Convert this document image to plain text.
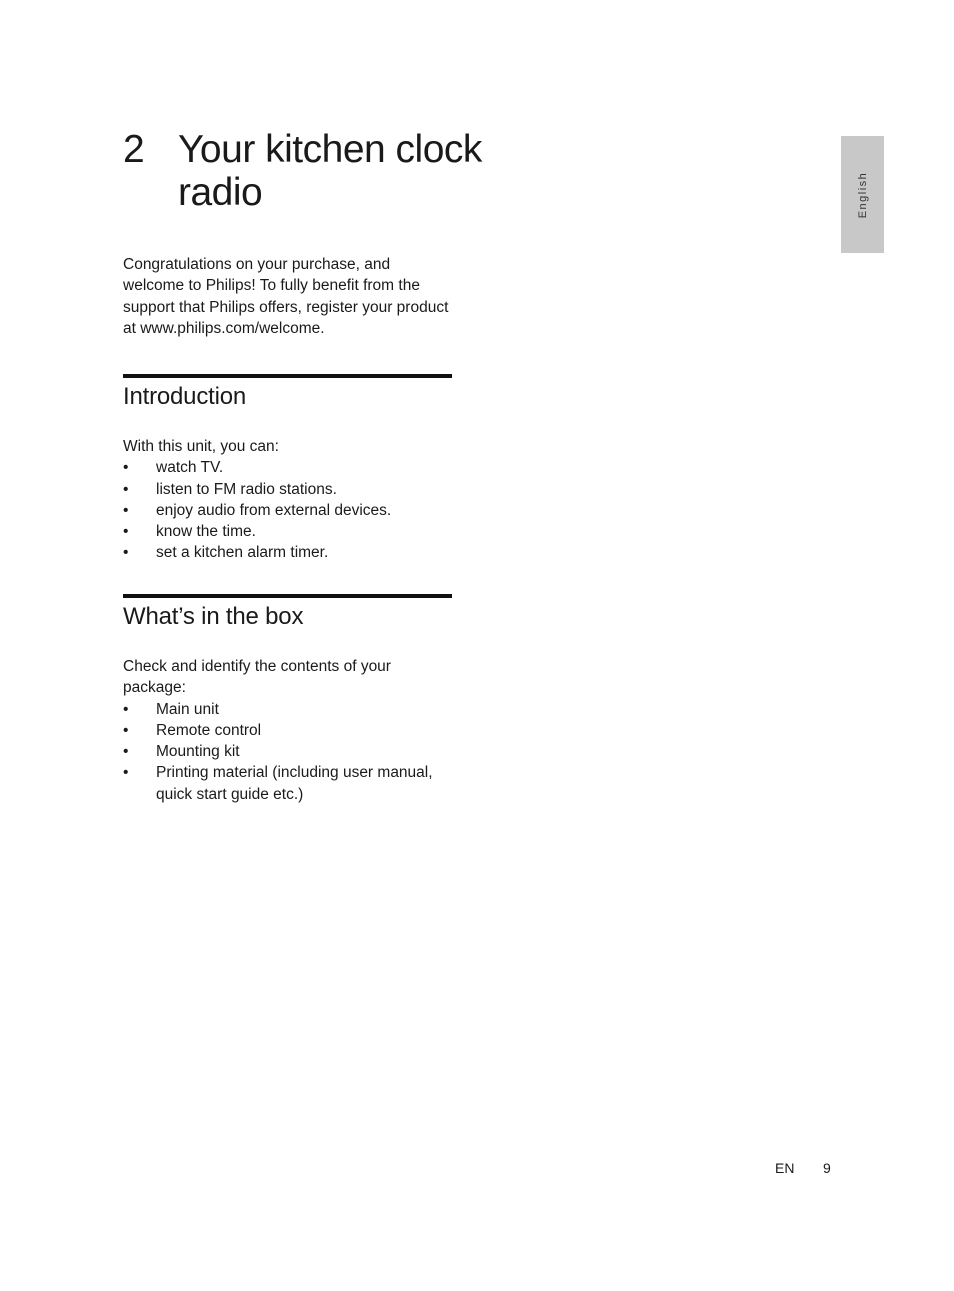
2 Your kitchen clock radio	English
Congratulations on your purchase, and welcome to Philips! To fully benefit from the support that Philips offers, register your product at www.philips.com/welcome.
Introduction
With this unit, you can:
• watch TV.
• listen to FM radio stations.
• enjoy audio from external devices.
• know the time.
• set a kitchen alarm timer.
What’s in the box
Check and identify the contents of your package:
• Main unit
• Remote control
• Mounting kit
• Printing material (including user manual, quick start guide etc.)
EN 9
